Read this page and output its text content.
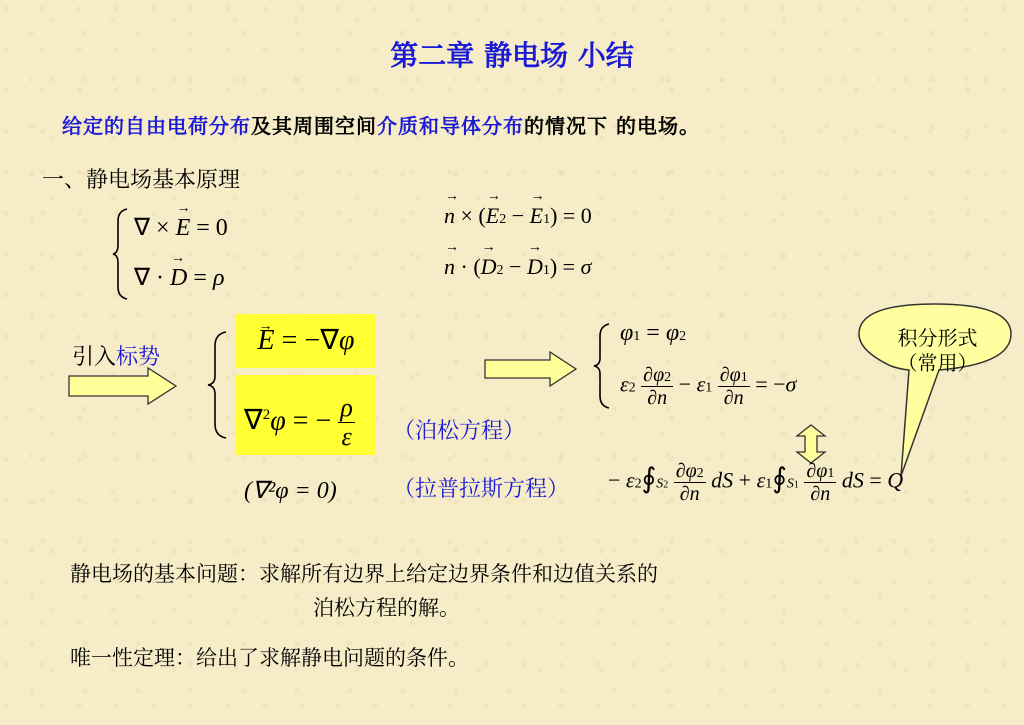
第二章 静电场 小结
给定的自由电荷分布及其周围空间介质和导体分布的情况下 的电场。
一、静电场基本原理
∇ × → E = 0
∇ · → D = ρ
→ n × (→ E2 − → E1) = 0
→ n · (→ D2 − → D1) = σ
引入标势
→ E = −∇φ
∇$^2$φ = − $\frac{\rho}{\varepsilon}$ （泊松方程）
（拉普拉斯方程）
(∇²φ = 0)
φ1 = φ2
$\varepsilon 2 \frac{\partial\varphi 2}{\partial n} - \varepsilon 1 \frac{\partial\varphi 1}{\partial n} = -\sigma$
积分形式
（常用）
− ε2∮S2 $\frac{\partial\varphi 2}{\partial n}$ dS + ε1∮S1 $\frac{\partial\varphi 1}{\partial n}$ dS = Q
静电场的基本问题：求解所有边界上给定边界条件和边值关系的
泊松方程的解。
唯一性定理：给出了求解静电问题的条件。
